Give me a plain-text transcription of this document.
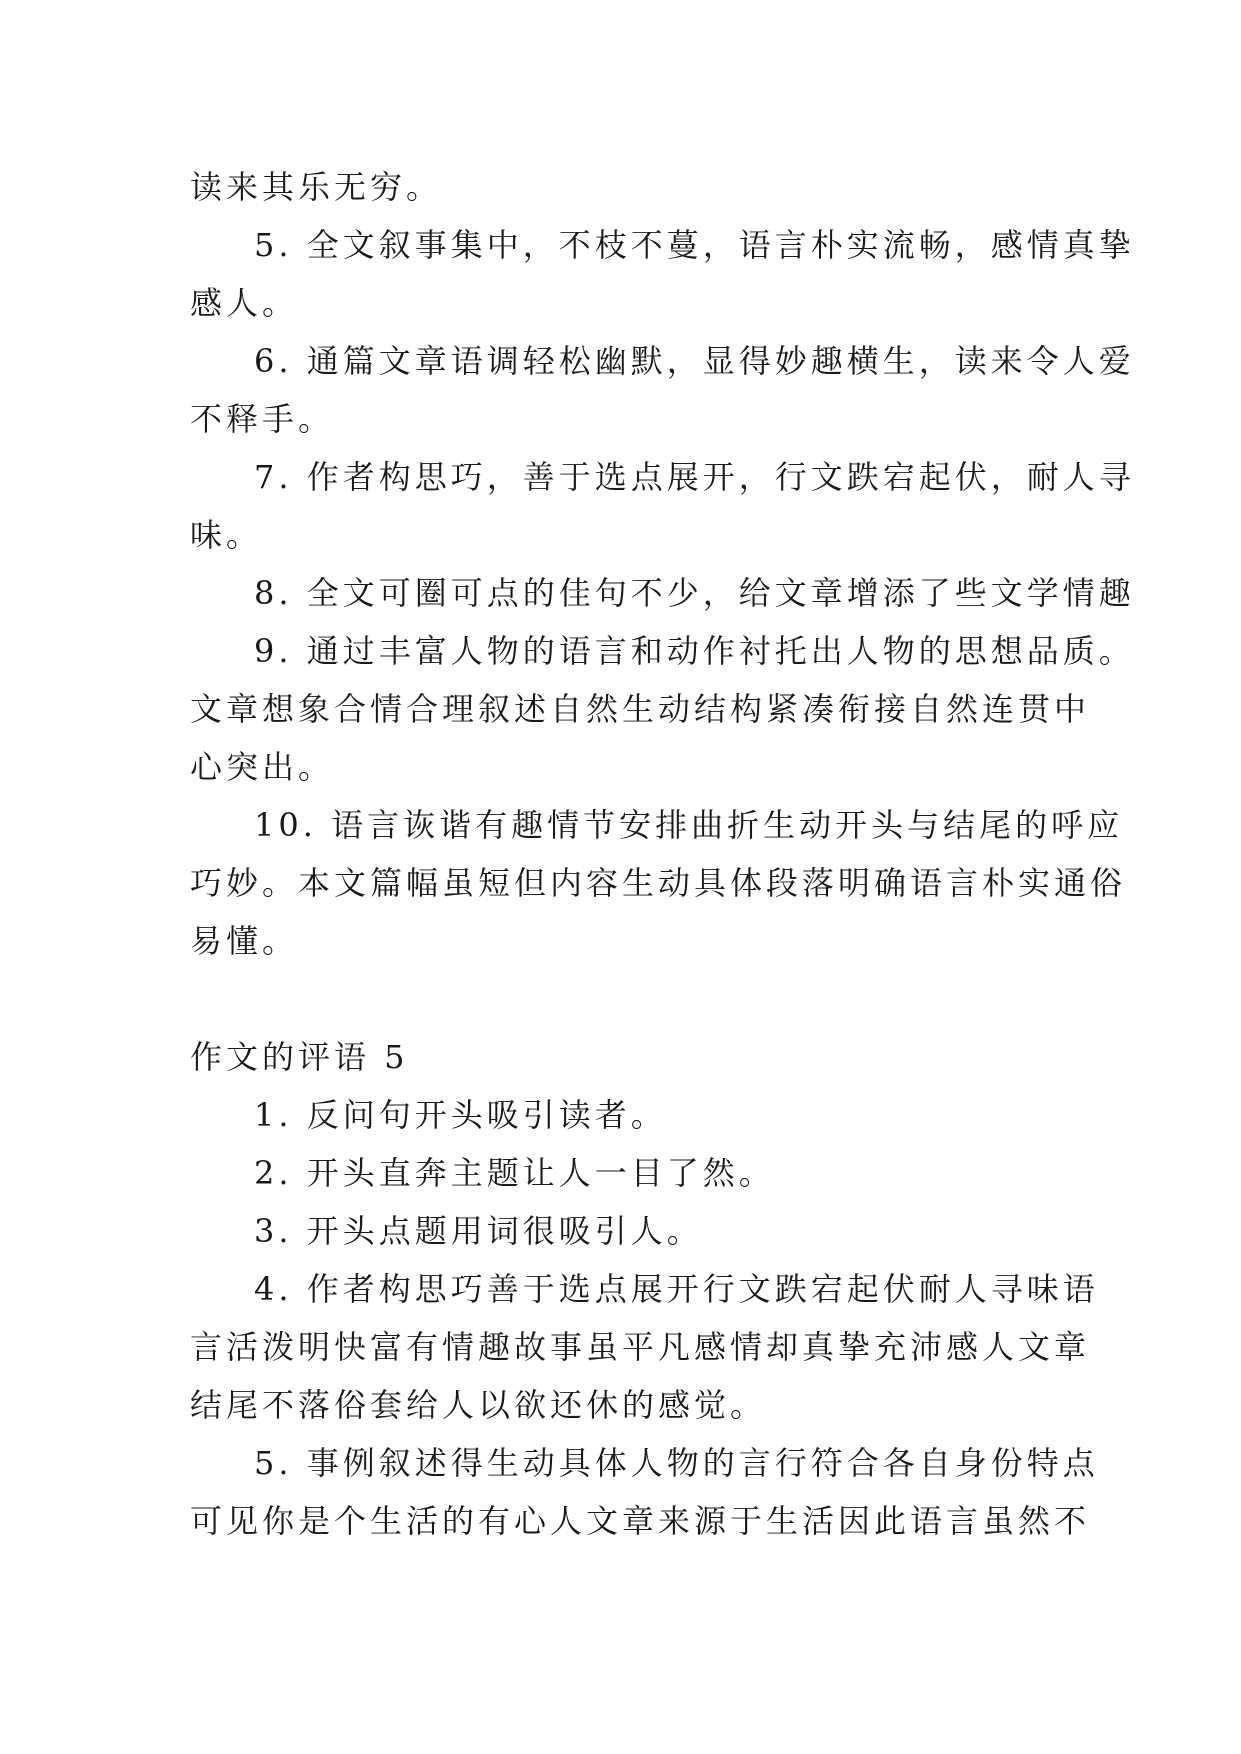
读来其乐无穷。

5. 全文叙事集中，不枝不蔓，语言朴实流畅，感情真挚

感人。

6. 通篇文章语调轻松幽默，显得妙趣横生，读来令人爱

不释手。

7. 作者构思巧，善于选点展开，行文跌宕起伏，耐人寻

味。

8. 全文可圈可点的佳句不少，给文章增添了些文学情趣

9. 通过丰富人物的语言和动作衬托出人物的思想品质。

文章想象合情合理叙述自然生动结构紧凑衔接自然连贯中

心突出。

10. 语言诙谐有趣情节安排曲折生动开头与结尾的呼应

巧妙。本文篇幅虽短但内容生动具体段落明确语言朴实通俗

易懂。

作文的评语 5

1. 反问句开头吸引读者。

2. 开头直奔主题让人一目了然。

3. 开头点题用词很吸引人。

4. 作者构思巧善于选点展开行文跌宕起伏耐人寻味语

言活泼明快富有情趣故事虽平凡感情却真挚充沛感人文章

结尾不落俗套给人以欲还休的感觉。

5. 事例叙述得生动具体人物的言行符合各自身份特点

可见你是个生活的有心人文章来源于生活因此语言虽然不
